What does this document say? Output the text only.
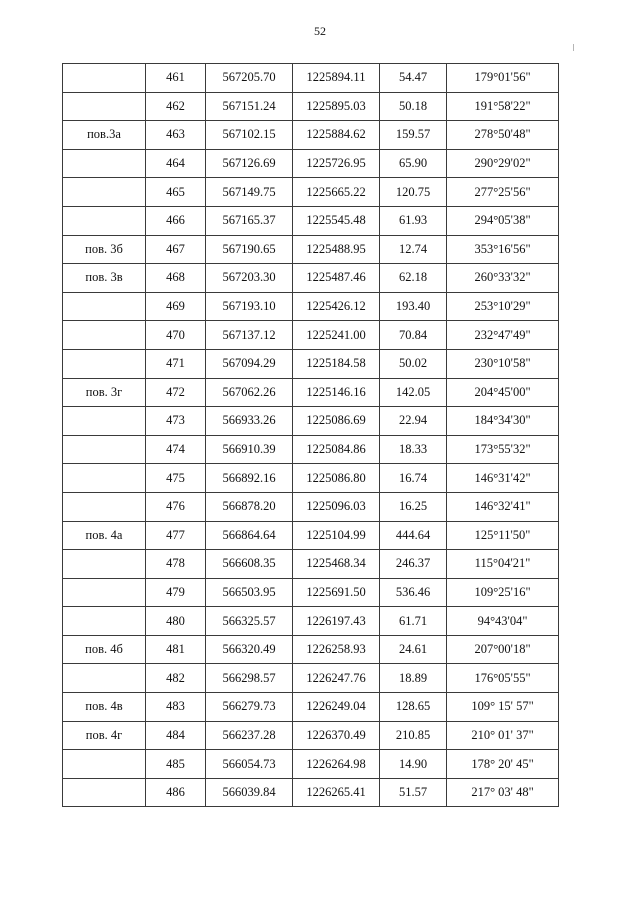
52
	461	567205.70	1225894.11	54.47	179°01'56"
	462	567151.24	1225895.03	50.18	191°58'22"
пов.3а	463	567102.15	1225884.62	159.57	278°50'48"
	464	567126.69	1225726.95	65.90	290°29'02"
	465	567149.75	1225665.22	120.75	277°25'56"
	466	567165.37	1225545.48	61.93	294°05'38"
пов. 3б	467	567190.65	1225488.95	12.74	353°16'56"
пов. 3в	468	567203.30	1225487.46	62.18	260°33'32"
	469	567193.10	1225426.12	193.40	253°10'29"
	470	567137.12	1225241.00	70.84	232°47'49"
	471	567094.29	1225184.58	50.02	230°10'58"
пов. 3г	472	567062.26	1225146.16	142.05	204°45'00"
	473	566933.26	1225086.69	22.94	184°34'30"
	474	566910.39	1225084.86	18.33	173°55'32"
	475	566892.16	1225086.80	16.74	146°31'42"
	476	566878.20	1225096.03	16.25	146°32'41"
пов. 4а	477	566864.64	1225104.99	444.64	125°11'50"
	478	566608.35	1225468.34	246.37	115°04'21"
	479	566503.95	1225691.50	536.46	109°25'16"
	480	566325.57	1226197.43	61.71	94°43'04"
пов. 4б	481	566320.49	1226258.93	24.61	207°00'18"
	482	566298.57	1226247.76	18.89	176°05'55"
пов. 4в	483	566279.73	1226249.04	128.65	109° 15' 57"
пов. 4г	484	566237.28	1226370.49	210.85	210° 01' 37"
	485	566054.73	1226264.98	14.90	178° 20' 45"
	486	566039.84	1226265.41	51.57	217° 03' 48"
